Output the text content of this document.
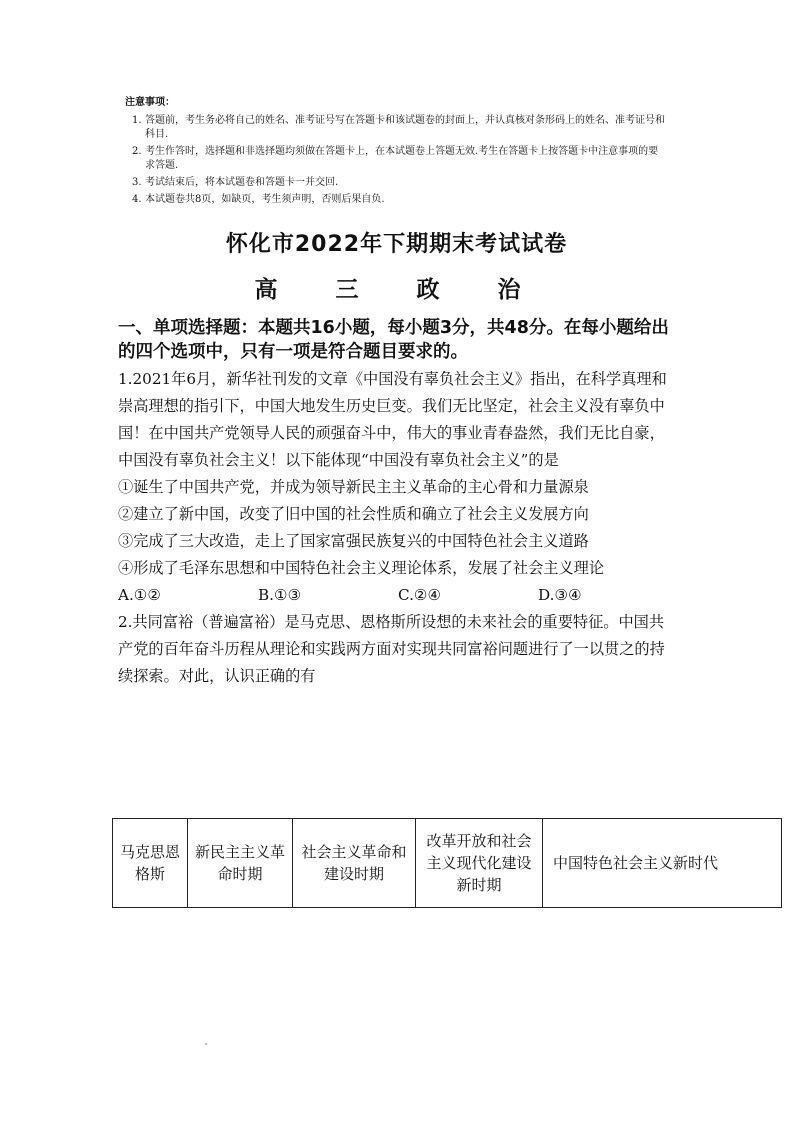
注意事项：
1. 答题前，考生务必将自己的姓名、准考证号写在答题卡和该试题卷的封面上，并认真核对条形码上的姓名、准考证号和科目.
2. 考生作答时，选择题和非选择题均须做在答题卡上，在本试题卷上答题无效.考生在答题卡上按答题卡中注意事项的要求答题.
3. 考试结束后，将本试题卷和答题卡一并交回.
4. 本试题卷共8页，如缺页，考生须声明，否则后果自负.
怀化市2022年下期期末考试试卷
高 三 政 治
一、单项选择题：本题共16小题，每小题3分，共48分。在每小题给出的四个选项中，只有一项是符合题目要求的。

1.2021年6月，新华社刊发的文章《中国没有辜负社会主义》指出，在科学真理和崇高理想的指引下，中国大地发生历史巨变。我们无比坚定，社会主义没有辜负中国！在中国共产党领导人民的顽强奋斗中，伟大的事业青春盎然，我们无比自豪，中国没有辜负社会主义！以下能体现“中国没有辜负社会主义”的是

①诞生了中国共产党，并成为领导新民主主义革命的主心骨和力量源泉

②建立了新中国，改变了旧中国的社会性质和确立了社会主义发展方向

③完成了三大改造，走上了国家富强民族复兴的中国特色社会主义道路

④形成了毛泽东思想和中国特色社会主义理论体系，发展了社会主义理论

A.①②	B.①③	C.②④	D.③④

2.共同富裕（普遍富裕）是马克思、恩格斯所设想的未来社会的重要特征。中国共产党的百年奋斗历程从理论和实践两方面对实现共同富裕问题进行了一以贯之的持续探索。对此，认识正确的有

马克思恩格斯	新民主主义革命时期	社会主义革命和建设时期	改革开放和社会主义现代化建设新时期	中国特色社会主义新时代
